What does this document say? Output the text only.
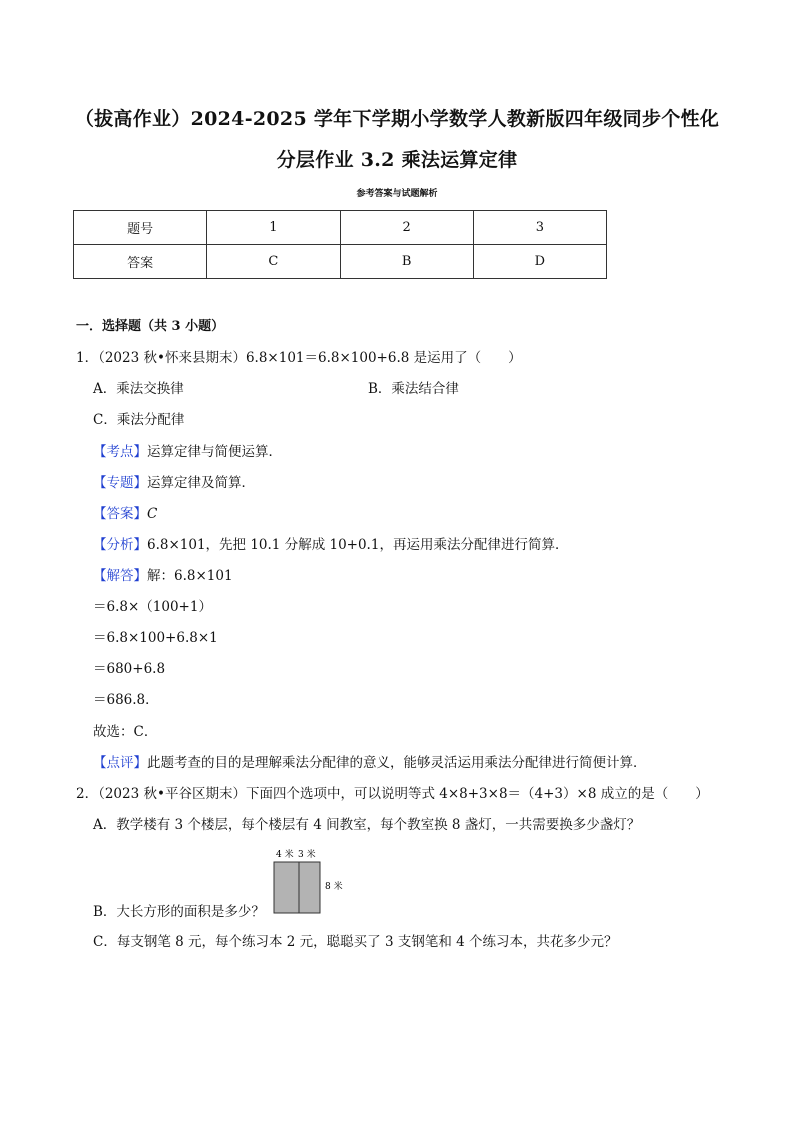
（拔高作业）2024-2025 学年下学期小学数学人教新版四年级同步个性化
分层作业 3.2 乘法运算定律
参考答案与试题解析
题号	1	2	3
答案	C	B	D
一．选择题（共 3 小题）
1．（2023 秋•怀来县期末）6.8×101＝6.8×100+6.8 是运用了（　　）
A．乘法交换律	B．乘法结合律
C．乘法分配律
【考点】运算定律与简便运算．
【专题】运算定律及简算．
【答案】C
【分析】6.8×101，先把 10.1 分解成 10+0.1，再运用乘法分配律进行简算．
【解答】解：6.8×101
＝6.8×（100+1）
＝6.8×100+6.8×1
＝680+6.8
＝686.8．
故选：C．
【点评】此题考查的目的是理解乘法分配律的意义，能够灵活运用乘法分配律进行简便计算．
2．（2023 秋•平谷区期末）下面四个选项中，可以说明等式 4×8+3×8＝（4+3）×8 成立的是（　　）
A．教学楼有 3 个楼层，每个楼层有 4 间教室，每个教室换 8 盏灯，一共需要换多少盏灯？
4 米 3 米
8 米
B．大长方形的面积是多少？
C．每支钢笔 8 元，每个练习本 2 元，聪聪买了 3 支钢笔和 4 个练习本，共花多少元？
